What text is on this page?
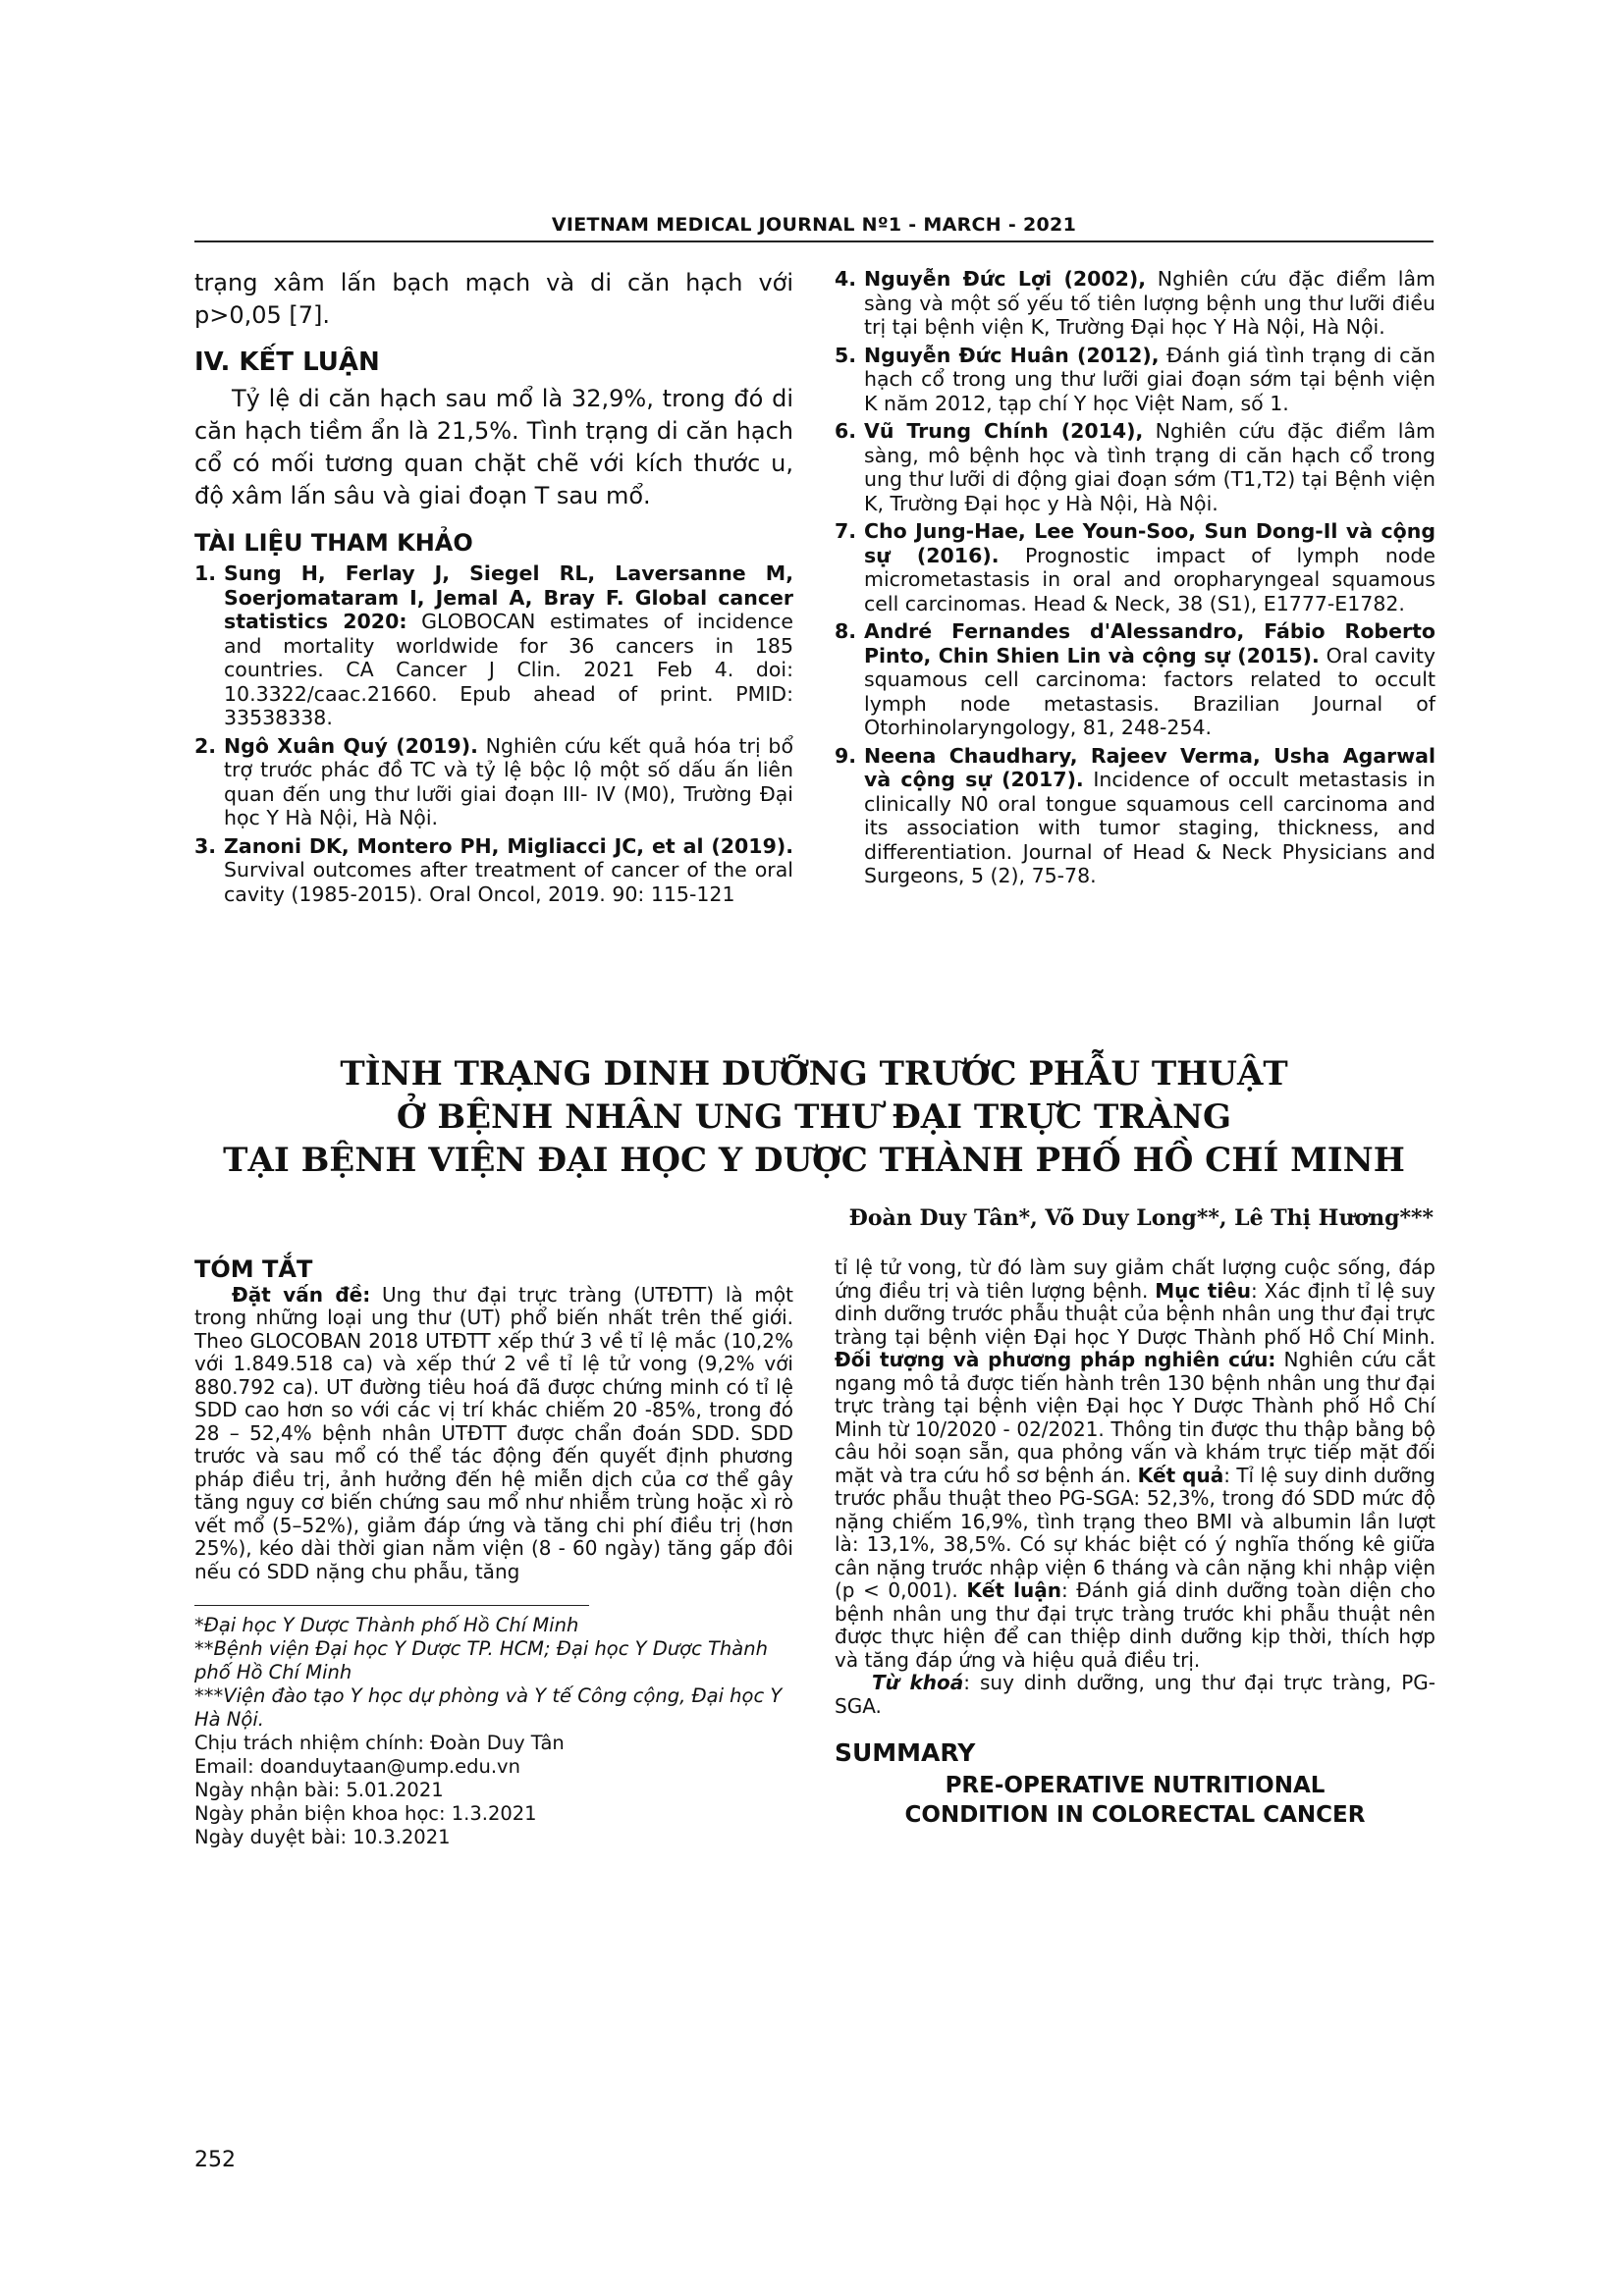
VIETNAM MEDICAL JOURNAL Nº1 - MARCH - 2021

trạng xâm lấn bạch mạch và di căn hạch với p>0,05 [7].

IV. KẾT LUẬN

Tỷ lệ di căn hạch sau mổ là 32,9%, trong đó di căn hạch tiềm ẩn là 21,5%. Tình trạng di căn hạch cổ có mối tương quan chặt chẽ với kích thước u, độ xâm lấn sâu và giai đoạn T sau mổ.

TÀI LIỆU THAM KHẢO
1. Sung H, Ferlay J, Siegel RL, Laversanne M, Soerjomataram I, Jemal A, Bray F. Global cancer statistics 2020: GLOBOCAN estimates of incidence and mortality worldwide for 36 cancers in 185 countries. CA Cancer J Clin. 2021 Feb 4. doi: 10.3322/caac.21660. Epub ahead of print. PMID: 33538338.
2. Ngô Xuân Quý (2019). Nghiên cứu kết quả hóa trị bổ trợ trước phác đồ TC và tỷ lệ bộc lộ một số dấu ấn liên quan đến ung thư lưỡi giai đoạn III- IV (M0), Trường Đại học Y Hà Nội, Hà Nội.
3. Zanoni DK, Montero PH, Migliacci JC, et al (2019). Survival outcomes after treatment of cancer of the oral cavity (1985-2015). Oral Oncol, 2019. 90: 115-121
4. Nguyễn Đức Lợi (2002), Nghiên cứu đặc điểm lâm sàng và một số yếu tố tiên lượng bệnh ung thư lưỡi điều trị tại bệnh viện K, Trường Đại học Y Hà Nội, Hà Nội.
5. Nguyễn Đức Huân (2012), Đánh giá tình trạng di căn hạch cổ trong ung thư lưỡi giai đoạn sớm tại bệnh viện K năm 2012, tạp chí Y học Việt Nam, số 1.
6. Vũ Trung Chính (2014), Nghiên cứu đặc điểm lâm sàng, mô bệnh học và tình trạng di căn hạch cổ trong ung thư lưỡi di động giai đoạn sớm (T1,T2) tại Bệnh viện K, Trường Đại học y Hà Nội, Hà Nội.
7. Cho Jung-Hae, Lee Youn-Soo, Sun Dong-Il và cộng sự (2016). Prognostic impact of lymph node micrometastasis in oral and oropharyngeal squamous cell carcinomas. Head & Neck, 38 (S1), E1777-E1782.
8. André Fernandes d'Alessandro, Fábio Roberto Pinto, Chin Shien Lin và cộng sự (2015). Oral cavity squamous cell carcinoma: factors related to occult lymph node metastasis. Brazilian Journal of Otorhinolaryngology, 81, 248-254.
9. Neena Chaudhary, Rajeev Verma, Usha Agarwal và cộng sự (2017). Incidence of occult metastasis in clinically N0 oral tongue squamous cell carcinoma and its association with tumor staging, thickness, and differentiation. Journal of Head & Neck Physicians and Surgeons, 5 (2), 75-78.
TÌNH TRẠNG DINH DƯỠNG TRƯỚC PHẪU THUẬT
Ở BỆNH NHÂN UNG THƯ ĐẠI TRỰC TRÀNG
TẠI BỆNH VIỆN ĐẠI HỌC Y DƯỢC THÀNH PHỐ HỒ CHÍ MINH
Đoàn Duy Tân*, Võ Duy Long**, Lê Thị Hương***
TÓM TẮT

Đặt vấn đề: Ung thư đại trực tràng (UTĐTT) là một trong những loại ung thư (UT) phổ biến nhất trên thế giới. Theo GLOCOBAN 2018 UTĐTT xếp thứ 3 về tỉ lệ mắc (10,2% với 1.849.518 ca) và xếp thứ 2 về tỉ lệ tử vong (9,2% với 880.792 ca). UT đường tiêu hoá đã được chứng minh có tỉ lệ SDD cao hơn so với các vị trí khác chiếm 20 -85%, trong đó 28 – 52,4% bệnh nhân UTĐTT được chẩn đoán SDD. SDD trước và sau mổ có thể tác động đến quyết định phương pháp điều trị, ảnh hưởng đến hệ miễn dịch của cơ thể gây tăng nguy cơ biến chứng sau mổ như nhiễm trùng hoặc xì rò vết mổ (5–52%), giảm đáp ứng và tăng chi phí điều trị (hơn 25%), kéo dài thời gian nằm viện (8 - 60 ngày) tăng gấp đôi nếu có SDD nặng chu phẫu, tăng

*Đại học Y Dược Thành phố Hồ Chí Minh
**Bệnh viện Đại học Y Dược TP. HCM; Đại học Y Dược Thành phố Hồ Chí Minh
***Viện đào tạo Y học dự phòng và Y tế Công cộng, Đại học Y Hà Nội.
Chịu trách nhiệm chính: Đoàn Duy Tân
Email: doanduytaan@ump.edu.vn
Ngày nhận bài: 5.01.2021
Ngày phản biện khoa học: 1.3.2021
Ngày duyệt bài: 10.3.2021

tỉ lệ tử vong, từ đó làm suy giảm chất lượng cuộc sống, đáp ứng điều trị và tiên lượng bệnh. Mục tiêu: Xác định tỉ lệ suy dinh dưỡng trước phẫu thuật của bệnh nhân ung thư đại trực tràng tại bệnh viện Đại học Y Dược Thành phố Hồ Chí Minh. Đối tượng và phương pháp nghiên cứu: Nghiên cứu cắt ngang mô tả được tiến hành trên 130 bệnh nhân ung thư đại trực tràng tại bệnh viện Đại học Y Dược Thành phố Hồ Chí Minh từ 10/2020 - 02/2021. Thông tin được thu thập bằng bộ câu hỏi soạn sẵn, qua phỏng vấn và khám trực tiếp mặt đối mặt và tra cứu hồ sơ bệnh án. Kết quả: Tỉ lệ suy dinh dưỡng trước phẫu thuật theo PG-SGA: 52,3%, trong đó SDD mức độ nặng chiếm 16,9%, tình trạng theo BMI và albumin lần lượt là: 13,1%, 38,5%. Có sự khác biệt có ý nghĩa thống kê giữa cân nặng trước nhập viện 6 tháng và cân nặng khi nhập viện (p < 0,001). Kết luận: Đánh giá dinh dưỡng toàn diện cho bệnh nhân ung thư đại trực tràng trước khi phẫu thuật nên được thực hiện để can thiệp dinh dưỡng kịp thời, thích hợp và tăng đáp ứng và hiệu quả điều trị.

Từ khoá: suy dinh dưỡng, ung thư đại trực tràng, PG-SGA.

SUMMARY
PRE-OPERATIVE NUTRITIONAL
CONDITION IN COLORECTAL CANCER
252
